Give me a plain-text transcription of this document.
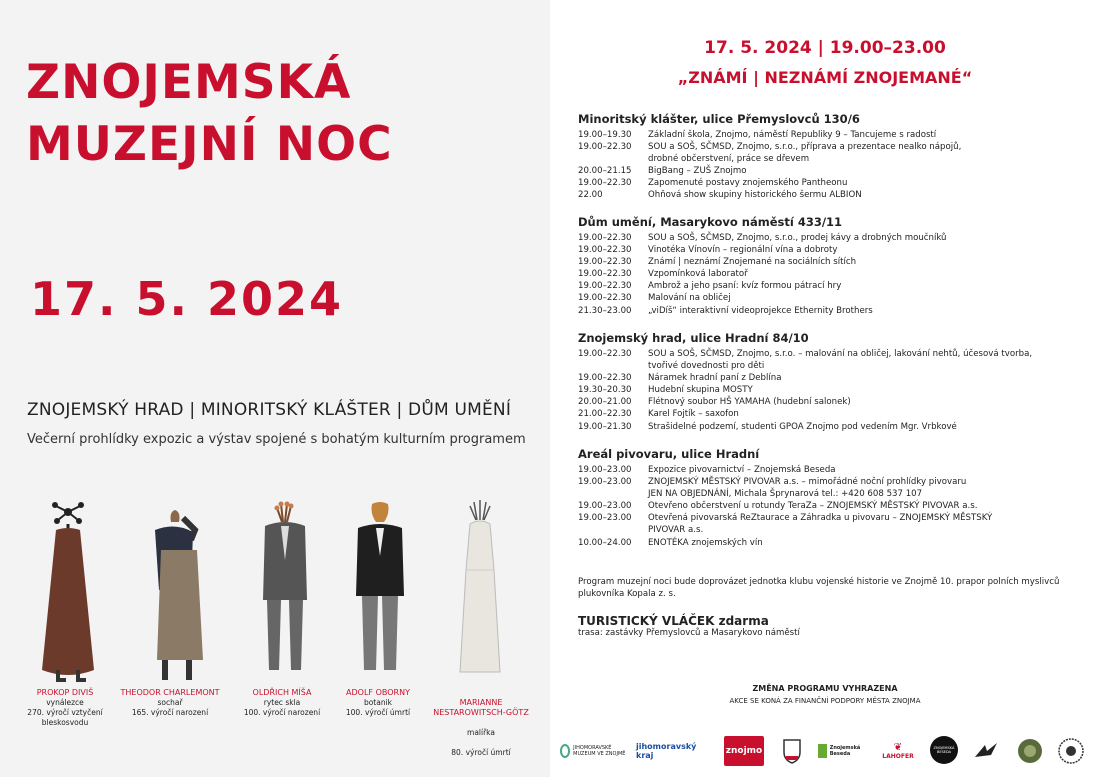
ZNOJEMSKÁ
MUZEJNÍ NOC
17. 5. 2024
ZNOJEMSKÝ HRAD | MINORITSKÝ KLÁŠTER | DŮM UMĚNÍ
Večerní prohlídky expozic a výstav spojené s bohatým kulturním programem
PROKOP DIVIŠ
vynálezce
270. výročí vztyčení
bleskosvodu
THEODOR CHARLEMONT
sochař
165. výročí narození
OLDŘICH MÍŠA
rytec skla
100. výročí narození
ADOLF OBORNY
botanik
100. výročí úmrtí

MARIANNE
NESTAROWITSCH-GÖTZ

malířka

80. výročí úmrtí

17. 5. 2024 | 19.00–23.00
„ZNÁMÍ | NEZNÁMÍ ZNOJEMANÉ“
Minoritský klášter, ulice Přemyslovců 130/6
19.00–19.30	Základní škola, Znojmo, náměstí Republiky 9 – Tancujeme s radostí
19.00–22.30	SOU a SOŠ, SČMSD, Znojmo, s.r.o., příprava a prezentace nealko nápojů,
drobné občerstvení, práce se dřevem
20.00–21.15	BigBang – ZUŠ Znojmo
19.00–22.30	Zapomenuté postavy znojemského Pantheonu
22.00	Ohňová show skupiny historického šermu ALBION
Dům umění, Masarykovo náměstí 433/11
19.00–22.30	SOU a SOŠ, SČMSD, Znojmo, s.r.o., prodej kávy a drobných moučníků
19.00–22.30	Vinotéka Vínovín – regionální vína a dobroty
19.00–22.30	Známí | neznámí Znojemané na sociálních sítích
19.00–22.30	Vzpomínková laboratoř
19.00–22.30	Ambrož a jeho psaní: kvíz formou pátrací hry
19.00–22.30	Malování na obličej
21.30–23.00	„viDíš“ interaktivní videoprojekce Ethernity Brothers
Znojemský hrad, ulice Hradní 84/10
19.00–22.30	SOU a SOŠ, SČMSD, Znojmo, s.r.o. – malování na obličej, lakování nehtů, účesová tvorba,
tvořivé dovednosti pro děti
19.00–22.30	Náramek hradní paní z Deblína
19.30–20.30	Hudební skupina MOSTY
20.00–21.00	Flétnový soubor HŠ YAMAHA (hudební salonek)
21.00–22.30	Karel Fojtík – saxofon
19.00–21.30	Strašidelné podzemí, studenti GPOA Znojmo pod vedením Mgr. Vrbkové
Areál pivovaru, ulice Hradní
19.00–23.00	Expozice pivovarnictví – Znojemská Beseda
19.00–23.00	ZNOJEMSKÝ MĚSTSKÝ PIVOVAR a.s. – mimořádné noční prohlídky pivovaru
JEN NA OBJEDNÁNÍ, Michala Šprynarová tel.: +420 608 537 107
19.00–23.00	Otevřeno občerstvení u rotundy TeraZa – ZNOJEMSKÝ MĚSTSKÝ PIVOVAR a.s.
19.00–23.00	Otevřená pivovarská ReZtaurace a Záhradka u pivovaru – ZNOJEMSKÝ MĚSTSKÝ
PIVOVAR a.s.
10.00–24.00	ENOTÉKA znojemských vín
Program muzejní noci bude doprovázet jednotka klubu vojenské historie ve Znojmě 10. prapor polních myslivců plukovníka Kopala z. s.
TURISTICKÝ VLÁČEK zdarma
trasa: zastávky Přemyslovců a Masarykovo náměstí
ZMĚNA PROGRAMU VYHRAZENA
AKCE SE KONÁ ZA FINANČNÍ PODPORY MĚSTA ZNOJMA
JIHOMORAVSKÉ MUZEUM VE ZNOJMĚ
jihomoravský kraj	znojmo	Znojemská Beseda
❦
LAHOFER
ZNOJEMSKÁ BESEDA
